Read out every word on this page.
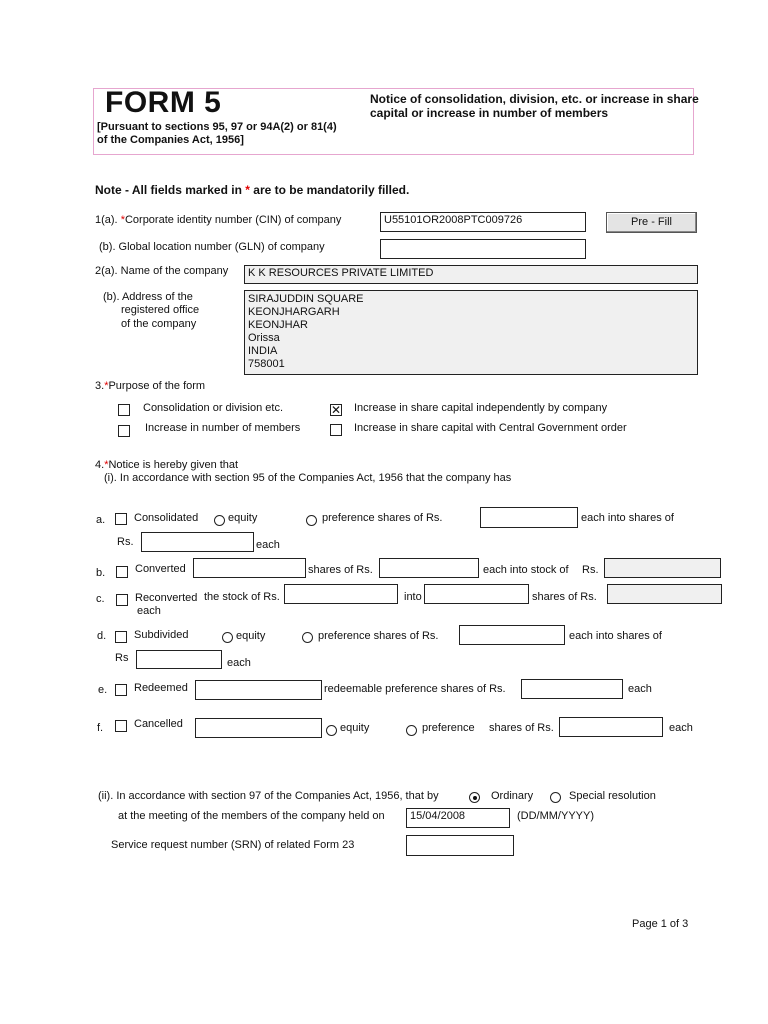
FORM 5
[Pursuant to sections 95, 97 or 94A(2) or 81(4) of the Companies Act, 1956]
Notice of consolidation, division, etc. or increase in share capital or increase in number of members
Note - All fields marked in * are to be mandatorily filled.
1(a). *Corporate identity number (CIN) of company	U55101OR2008PTC009726	Pre - Fill
(b). Global location number (GLN) of company
2(a). Name of the company	K K RESOURCES PRIVATE LIMITED
(b). Address of the
registered office
of the company
SIRAJUDDIN SQUARE
KEONJHARGARH
KEONJHAR
Orissa
INDIA
758001
3.*Purpose of the form
Consolidation or division etc.	✕ Increase in share capital independently by company
Increase in number of members	Increase in share capital with Central Government order
4.*Notice is hereby given that
(i). In accordance with section 95 of the Companies Act, 1956 that the company has
a.	Consolidated	equity	preference shares of Rs.	each into shares of
Rs.	each
b.	Converted	shares of Rs.	each into stock of Rs.
c.	Reconverted the stock of Rs.	into	shares of Rs.
each
d.	Subdivided	equity	preference shares of Rs.	each into shares of
Rs	each
e. Redeemed	redeemable preference shares of Rs.	each
f.	Cancelled	equity	preference shares of Rs.	each
(ii). In accordance with section 97 of the Companies Act, 1956, that by	Ordinary	Special resolution
at the meeting of the members of the company held on	15/04/2008	(DD/MM/YYYY)
Service request number (SRN) of related Form 23
Page 1 of 3
